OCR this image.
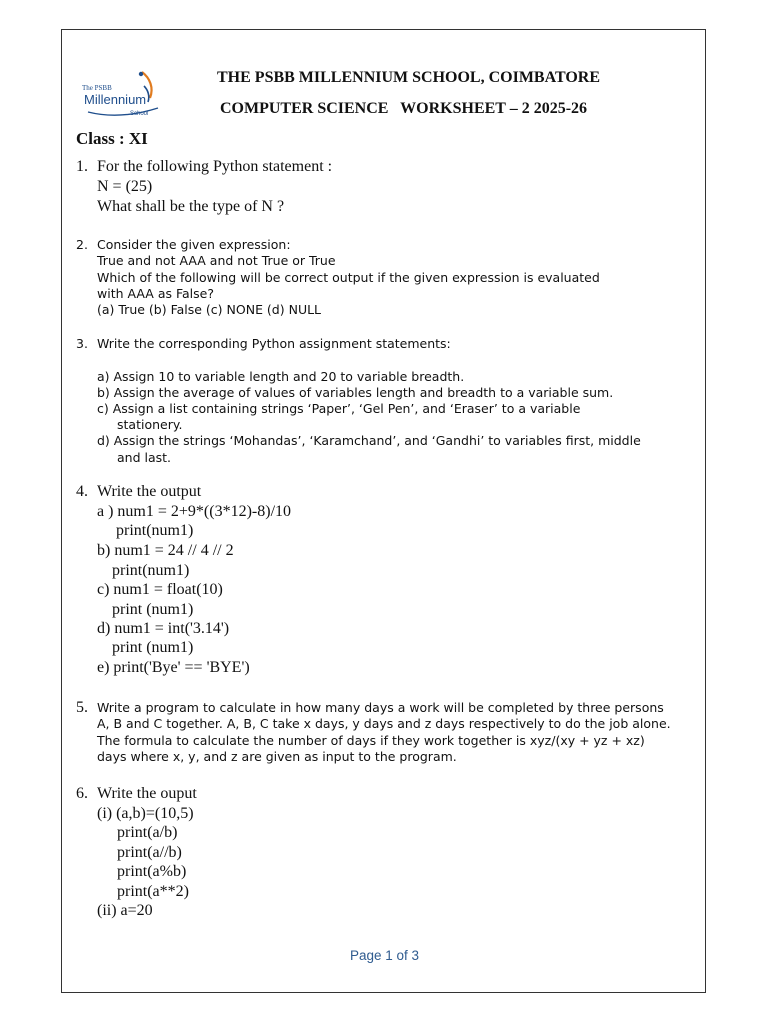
The PSBB
Millennium
School
THE PSBB MILLENNIUM SCHOOL, COIMBATORE
COMPUTER SCIENCE   WORKSHEET – 2 2025-26
Class : XI
1. For the following Python statement :
N = (25)
What shall be the type of N ?
2. Consider the given expression:
True and not AAA and not True or True
Which of the following will be correct output if the given expression is evaluated
with AAA as False?
(a) True (b) False (c) NONE (d) NULL
3. Write the corresponding Python assignment statements:
a) Assign 10 to variable length and 20 to variable breadth.
b) Assign the average of values of variables length and breadth to a variable sum.
c) Assign a list containing strings ‘Paper’, ‘Gel Pen’, and ‘Eraser’ to a variable
stationery.
d) Assign the strings ‘Mohandas’, ‘Karamchand’, and ‘Gandhi’ to variables first, middle
and last.
4. Write the output
a ) num1 = 2+9*((3*12)-8)/10
print(num1)
b) num1 = 24 // 4 // 2
print(num1)
c) num1 = float(10)
print (num1)
d) num1 = int('3.14')
print (num1)
e) print('Bye' == 'BYE')
5. Write a program to calculate in how many days a work will be completed by three persons
A, B and C together. A, B, C take x days, y days and z days respectively to do the job alone.
The formula to calculate the number of days if they work together is xyz/(xy + yz + xz)
days where x, y, and z are given as input to the program.
6. Write the ouput
(i) (a,b)=(10,5)
print(a/b)
print(a//b)
print(a%b)
print(a**2)
(ii) a=20
Page 1 of 3
